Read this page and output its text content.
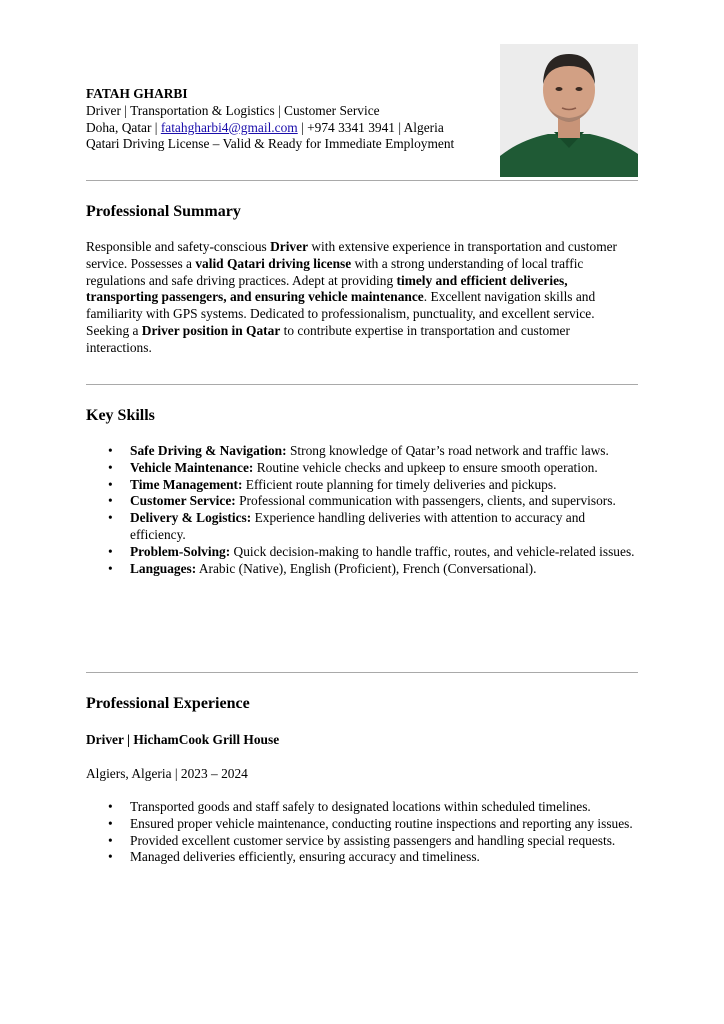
FATAH GHARBI
Driver | Transportation & Logistics | Customer Service
Doha, Qatar | fatahgharbi4@gmail.com | +974 3341 3941 | Algeria
Qatari Driving License – Valid & Ready for Immediate Employment
Professional Summary

Responsible and safety-conscious Driver with extensive experience in transportation and customer service. Possesses a valid Qatari driving license with a strong understanding of local traffic regulations and safe driving practices. Adept at providing timely and efficient deliveries, transporting passengers, and ensuring vehicle maintenance. Excellent navigation skills and familiarity with GPS systems. Dedicated to professionalism, punctuality, and excellent service. Seeking a Driver position in Qatar to contribute expertise in transportation and customer interactions.

Key Skills
• Safe Driving & Navigation: Strong knowledge of Qatar’s road network and traffic laws.
• Vehicle Maintenance: Routine vehicle checks and upkeep to ensure smooth operation.
• Time Management: Efficient route planning for timely deliveries and pickups.
• Customer Service: Professional communication with passengers, clients, and supervisors.
• Delivery & Logistics: Experience handling deliveries with attention to accuracy and efficiency.
• Problem-Solving: Quick decision-making to handle traffic, routes, and vehicle-related issues.
• Languages: Arabic (Native), English (Proficient), French (Conversational).
Professional Experience
Driver | HichamCook Grill House
Algiers, Algeria | 2023 – 2024
• Transported goods and staff safely to designated locations within scheduled timelines.
• Ensured proper vehicle maintenance, conducting routine inspections and reporting any issues.
• Provided excellent customer service by assisting passengers and handling special requests.
• Managed deliveries efficiently, ensuring accuracy and timeliness.
